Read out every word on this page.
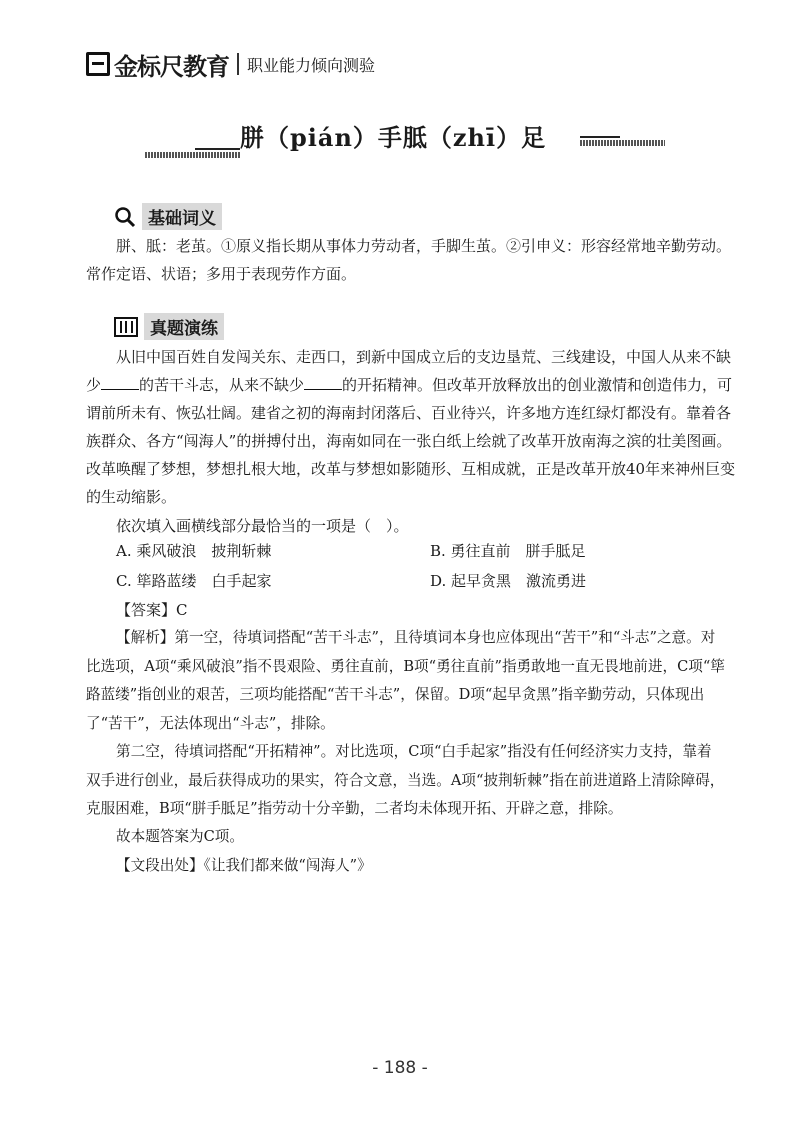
金标尺教育 职业能力倾向测验
胼（pián）手胝（zhī）足
基础词义

胼、胝：老茧。①原义指长期从事体力劳动者，手脚生茧。②引申义：形容经常地辛勤劳动。常作定语、状语；多用于表现劳作方面。

真题演练

从旧中国百姓自发闯关东、走西口，到新中国成立后的支边垦荒、三线建设，中国人从来不缺少	的苦干斗志，从来不缺少	的开拓精神。但改革开放释放出的创业激情和创造伟力，可谓前所未有、恢弘壮阔。建省之初的海南封闭落后、百业待兴，许多地方连红绿灯都没有。靠着各族群众、各方“闯海人”的拼搏付出，海南如同在一张白纸上绘就了改革开放南海之滨的壮美图画。改革唤醒了梦想，梦想扎根大地，改革与梦想如影随形、互相成就，正是改革开放40年来神州巨变的生动缩影。

依次填入画横线部分最恰当的一项是（　）。

A. 乘风破浪　披荆斩棘	B. 勇往直前　胼手胝足
C. 筚路蓝缕　白手起家	D. 起早贪黑　激流勇进

【答案】C

【解析】第一空，待填词搭配“苦干斗志”，且待填词本身也应体现出“苦干”和“斗志”之意。对比选项，A项“乘风破浪”指不畏艰险、勇往直前，B项“勇往直前”指勇敢地一直无畏地前进，C项“筚路蓝缕”指创业的艰苦，三项均能搭配“苦干斗志”，保留。D项“起早贪黑”指辛勤劳动，只体现出了“苦干”，无法体现出“斗志”，排除。

第二空，待填词搭配“开拓精神”。对比选项，C项“白手起家”指没有任何经济实力支持，靠着双手进行创业，最后获得成功的果实，符合文意，当选。A项“披荆斩棘”指在前进道路上清除障碍，克服困难，B项“胼手胝足”指劳动十分辛勤，二者均未体现开拓、开辟之意，排除。

故本题答案为C项。

【文段出处】《让我们都来做“闯海人”》

- 188 -
